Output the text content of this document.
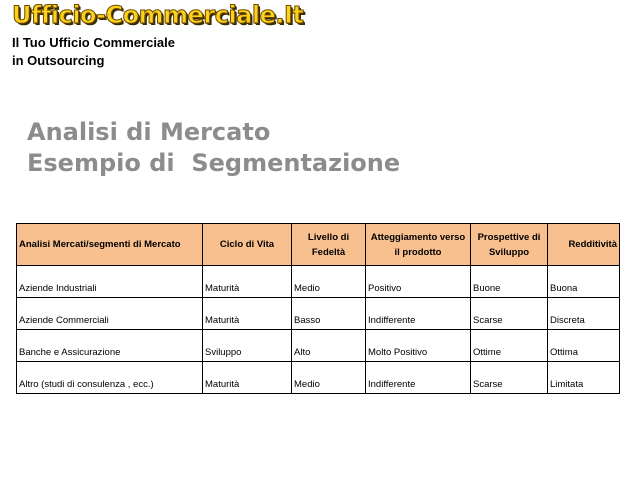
Ufficio-Commerciale.It
Il Tuo Ufficio Commerciale
in Outsourcing
Analisi di Mercato
Esempio di  Segmentazione
Analisi Mercati/segmenti di Mercato	Ciclo di Vita	Livello di Fedeltà	Atteggiamento verso il prodotto	Prospettive di Sviluppo	Redditività
Aziende Industriali	Maturità	Medio	Positivo	Buone	Buona
Aziende Commerciali	Maturità	Basso	Indifferente	Scarse	Discreta
Banche e Assicurazione	Sviluppo	Alto	Molto Positivo	Ottime	Ottima
Altro (studi di consulenza , ecc.)	Maturità	Medio	Indifferente	Scarse	Limitata
